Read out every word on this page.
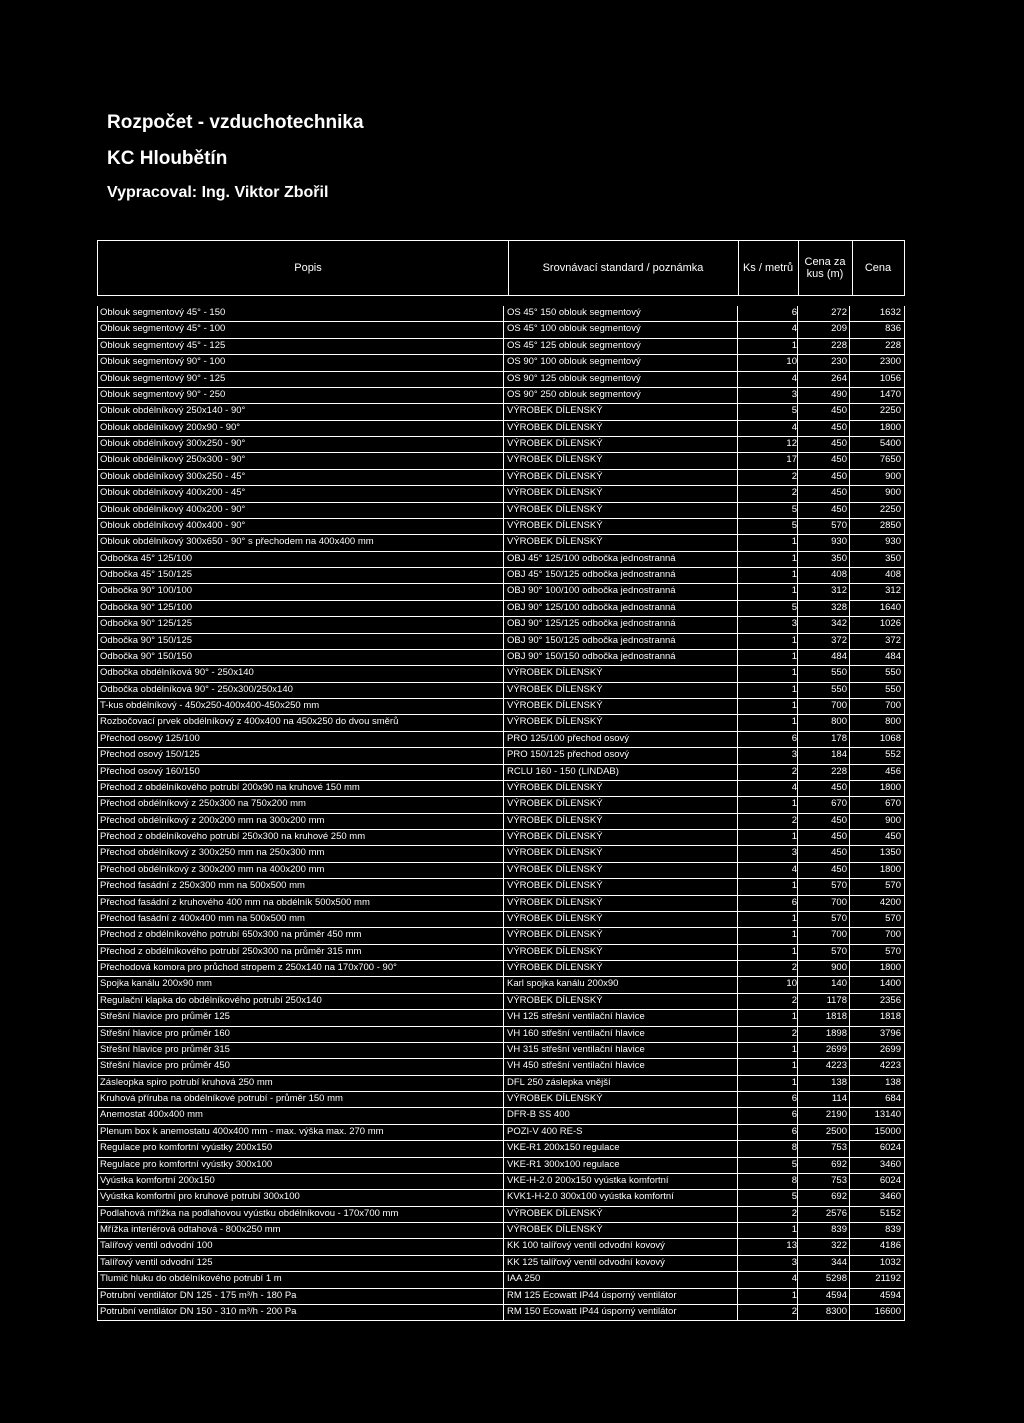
Rozpočet - vzduchotechnika
KC Hloubětín
Vypracoval: Ing. Viktor Zbořil
Popis	Srovnávací standard / poznámka	Ks / metrů	Cena za kus (m)	Cena
Oblouk segmentový 45° - 150	OS 45° 150 oblouk segmentový	6	272	1632
Oblouk segmentový 45° - 100	OS 45° 100 oblouk segmentový	4	209	836
Oblouk segmentový 45° - 125	OS 45° 125 oblouk segmentový	1	228	228
Oblouk segmentový 90° - 100	OS 90° 100 oblouk segmentový	10	230	2300
Oblouk segmentový 90° - 125	OS 90° 125 oblouk segmentový	4	264	1056
Oblouk segmentový 90° - 250	OS 90° 250 oblouk segmentový	3	490	1470
Oblouk obdélníkový 250x140 - 90°	VÝROBEK DÍLENSKÝ	5	450	2250
Oblouk obdélníkový 200x90 - 90°	VÝROBEK DÍLENSKÝ	4	450	1800
Oblouk obdélníkový 300x250 - 90°	VÝROBEK DÍLENSKÝ	12	450	5400
Oblouk obdélníkový 250x300 - 90°	VÝROBEK DÍLENSKÝ	17	450	7650
Oblouk obdélníkový 300x250 - 45°	VÝROBEK DÍLENSKÝ	2	450	900
Oblouk obdélníkový 400x200 - 45°	VÝROBEK DÍLENSKÝ	2	450	900
Oblouk obdélníkový 400x200 - 90°	VÝROBEK DÍLENSKÝ	5	450	2250
Oblouk obdélníkový 400x400 - 90°	VÝROBEK DÍLENSKÝ	5	570	2850
Oblouk obdélníkový 300x650 - 90° s přechodem na 400x400 mm	VÝROBEK DÍLENSKÝ	1	930	930
Odbočka 45° 125/100	OBJ 45° 125/100 odbočka jednostranná	1	350	350
Odbočka 45° 150/125	OBJ 45° 150/125 odbočka jednostranná	1	408	408
Odbočka 90° 100/100	OBJ 90° 100/100 odbočka jednostranná	1	312	312
Odbočka 90° 125/100	OBJ 90° 125/100 odbočka jednostranná	5	328	1640
Odbočka 90° 125/125	OBJ 90° 125/125 odbočka jednostranná	3	342	1026
Odbočka 90° 150/125	OBJ 90° 150/125 odbočka jednostranná	1	372	372
Odbočka 90° 150/150	OBJ 90° 150/150 odbočka jednostranná	1	484	484
Odbočka obdélníková 90° - 250x140	VÝROBEK DÍLENSKÝ	1	550	550
Odbočka obdélníková 90° - 250x300/250x140	VÝROBEK DÍLENSKÝ	1	550	550
T-kus obdélníkový - 450x250-400x400-450x250 mm	VÝROBEK DÍLENSKÝ	1	700	700
Rozbočovací prvek obdélníkový z 400x400 na 450x250 do dvou směrů	VÝROBEK DÍLENSKÝ	1	800	800
Přechod osový 125/100	PRO 125/100 přechod osový	6	178	1068
Přechod osový 150/125	PRO 150/125 přechod osový	3	184	552
Přechod osový 160/150	RCLU 160 - 150 (LINDAB)	2	228	456
Přechod z obdélníkového potrubí 200x90 na kruhové 150 mm	VÝROBEK DÍLENSKÝ	4	450	1800
Přechod obdélníkový z 250x300 na 750x200 mm	VÝROBEK DÍLENSKÝ	1	670	670
Přechod obdélníkový z 200x200 mm na 300x200 mm	VÝROBEK DÍLENSKÝ	2	450	900
Přechod z obdélníkového potrubí 250x300 na kruhové 250 mm	VÝROBEK DÍLENSKÝ	1	450	450
Přechod obdélníkový z 300x250 mm na 250x300 mm	VÝROBEK DÍLENSKÝ	3	450	1350
Přechod obdélníkový z 300x200 mm na 400x200 mm	VÝROBEK DÍLENSKÝ	4	450	1800
Přechod fasádní z 250x300 mm na 500x500 mm	VÝROBEK DÍLENSKÝ	1	570	570
Přechod fasádní z kruhového 400 mm na obdélník 500x500 mm	VÝROBEK DÍLENSKÝ	6	700	4200
Přechod fasádní z 400x400 mm na 500x500 mm	VÝROBEK DÍLENSKÝ	1	570	570
Přechod z obdélníkového potrubí 650x300 na průměr 450 mm	VÝROBEK DÍLENSKÝ	1	700	700
Přechod z obdélníkového potrubí 250x300 na průměr 315 mm	VÝROBEK DÍLENSKÝ	1	570	570
Přechodová komora pro průchod stropem z 250x140 na 170x700 - 90°	VÝROBEK DÍLENSKÝ	2	900	1800
Spojka kanálu 200x90 mm	Karl spojka kanálu 200x90	10	140	1400
Regulační klapka do obdélníkového potrubí 250x140	VÝROBEK DÍLENSKÝ	2	1178	2356
Střešní hlavice pro průměr 125	VH 125 střešní ventilační hlavice	1	1818	1818
Střešní hlavice pro průměr 160	VH 160 střešní ventilační hlavice	2	1898	3796
Střešní hlavice pro průměr 315	VH 315 střešní ventilační hlavice	1	2699	2699
Střešní hlavice pro průměr 450	VH 450 střešní ventilační hlavice	1	4223	4223
Zásleopka spiro potrubí kruhová 250 mm	DFL 250 záslepka vnější	1	138	138
Kruhová příruba na obdélníkové potrubí - průměr 150 mm	VÝROBEK DÍLENSKÝ	6	114	684
Anemostat 400x400 mm	DFR-B SS 400	6	2190	13140
Plenum box k anemostatu 400x400 mm - max. výška max. 270 mm	POZI-V 400 RE-S	6	2500	15000
Regulace pro komfortní vyústky 200x150	VKE-R1 200x150 regulace	8	753	6024
Regulace pro komfortní vyústky 300x100	VKE-R1 300x100 regulace	5	692	3460
Vyústka komfortní 200x150	VKE-H-2.0 200x150 vyústka komfortní	8	753	6024
Vyústka komfortní pro kruhové potrubí 300x100	KVK1-H-2.0 300x100 vyústka komfortní	5	692	3460
Podlahová mřížka na podlahovou vyústku obdélníkovou - 170x700 mm	VÝROBEK DÍLENSKÝ	2	2576	5152
Mřížka interiérová odtahová - 800x250 mm	VÝROBEK DÍLENSKÝ	1	839	839
Talířový ventil odvodní 100	KK 100 talířový ventil odvodní kovový	13	322	4186
Talířový ventil odvodní 125	KK 125 talířový ventil odvodní kovový	3	344	1032
Tlumič hluku do obdélníkového potrubí 1 m	IAA 250	4	5298	21192
Potrubní ventilátor DN 125 - 175 m³/h - 180 Pa	RM 125 Ecowatt IP44 úsporný ventilátor	1	4594	4594
Potrubní ventilátor DN 150 - 310 m³/h - 200 Pa	RM 150 Ecowatt IP44 úsporný ventilátor	2	8300	16600
